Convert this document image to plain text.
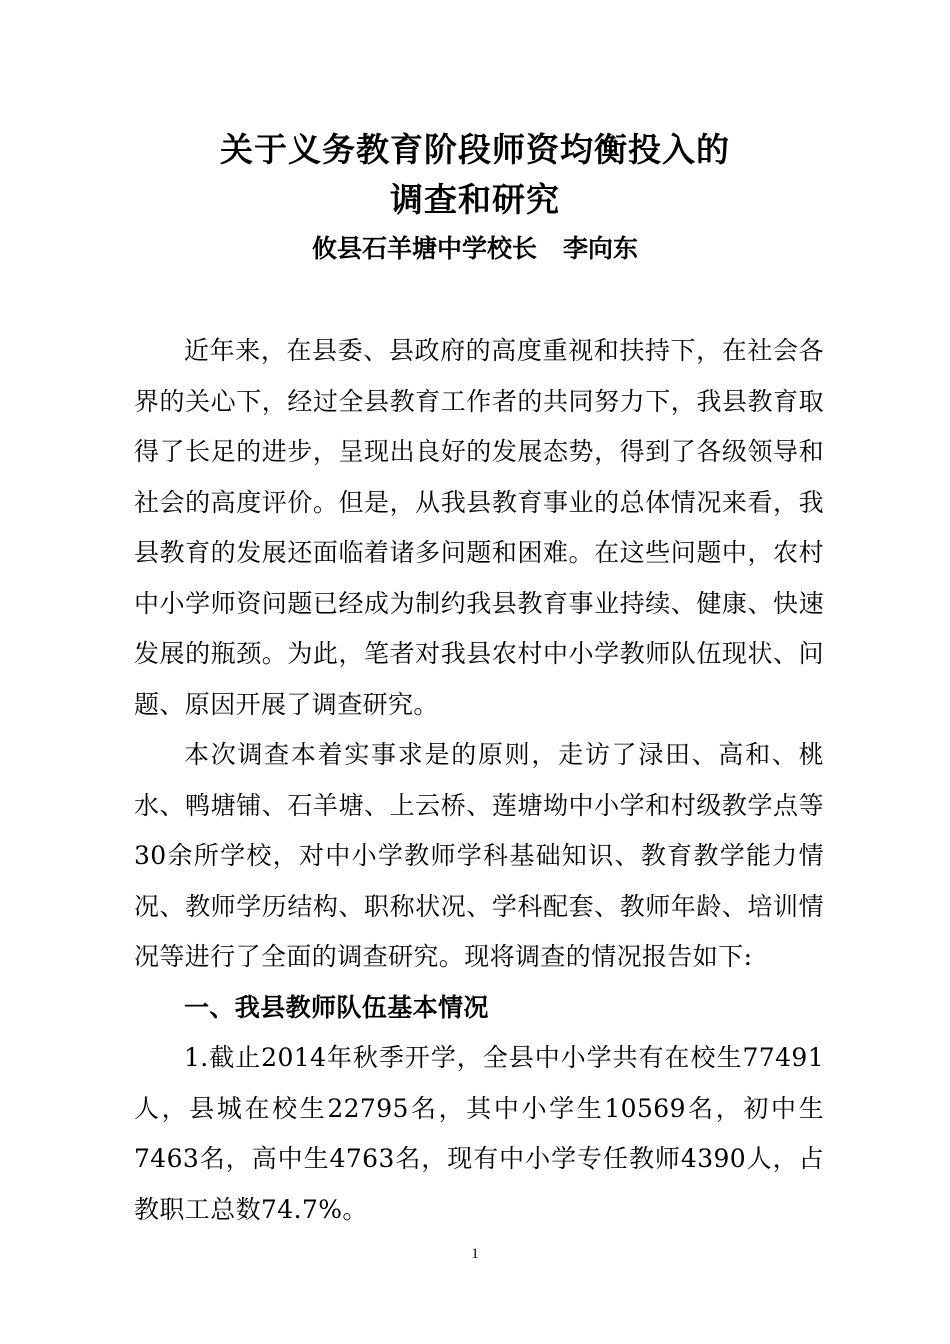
关于义务教育阶段师资均衡投入的
调查和研究
攸县石羊塘中学校长   李向东

近年来，在县委、县政府的高度重视和扶持下，在社会各界的关心下，经过全县教育工作者的共同努力下，我县教育取得了长足的进步，呈现出良好的发展态势，得到了各级领导和社会的高度评价。但是，从我县教育事业的总体情况来看，我县教育的发展还面临着诸多问题和困难。在这些问题中，农村中小学师资问题已经成为制约我县教育事业持续、健康、快速发展的瓶颈。为此，笔者对我县农村中小学教师队伍现状、问题、原因开展了调查研究。

本次调查本着实事求是的原则，走访了渌田、高和、桃水、鸭塘铺、石羊塘、上云桥、莲塘坳中小学和村级教学点等30余所学校，对中小学教师学科基础知识、教育教学能力情况、教师学历结构、职称状况、学科配套、教师年龄、培训情况等进行了全面的调查研究。现将调查的情况报告如下:

一、我县教师队伍基本情况

1.截止2014年秋季开学，全县中小学共有在校生77491人，县城在校生22795名，其中小学生10569名，初中生 7463名，高中生4763名，现有中小学专任教师4390人，占教职工总数74.7%。

1
